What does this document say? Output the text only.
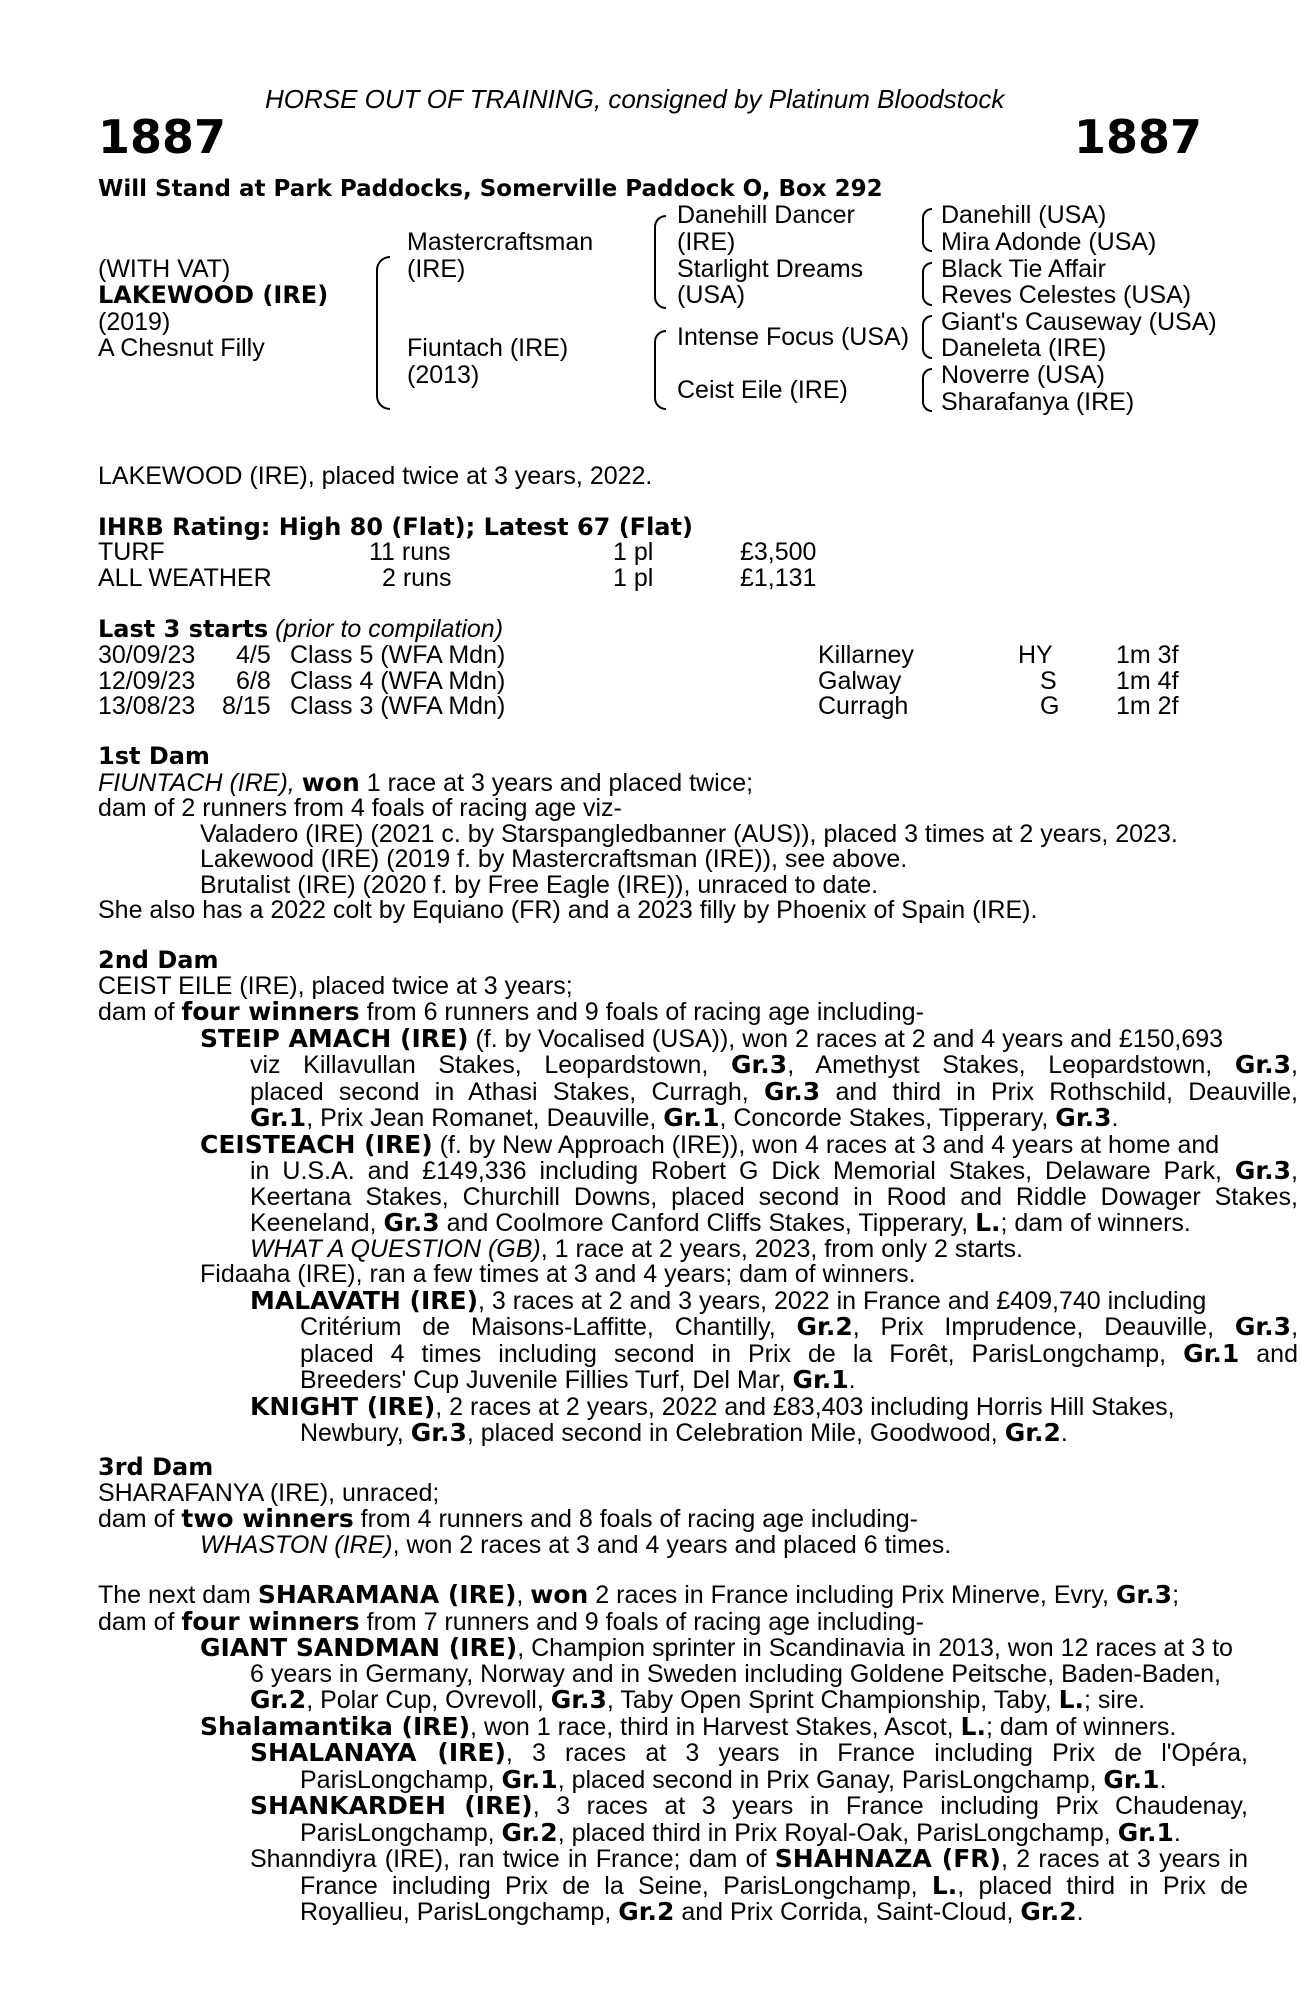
HORSE OUT OF TRAINING, consigned by Platinum Bloodstock
1887	1887
Will Stand at Park Paddocks, Somerville Paddock O, Box 292
(WITH VAT)
LAKEWOOD (IRE)
(2019)
A Chesnut Filly
Mastercraftsman
(IRE)
Fiuntach (IRE)
(2013)
Danehill Dancer
(IRE)
Starlight Dreams
(USA)
Intense Focus (USA)
Ceist Eile (IRE)
Danehill (USA)
Mira Adonde (USA)
Black Tie Affair
Reves Celestes (USA)
Giant's Causeway (USA)
Daneleta (IRE)
Noverre (USA)
Sharafanya (IRE)
LAKEWOOD (IRE), placed twice at 3 years, 2022.
IHRB Rating: High 80 (Flat); Latest 67 (Flat)
TURF	11 runs	1 pl	£3,500
ALL WEATHER	2 runs	1 pl	£1,131
Last 3 starts (prior to compilation)
30/09/23 4/5 Class 5 (WFA Mdn)	Killarney	HY	1m 3f
12/09/23 6/8 Class 4 (WFA Mdn)	Galway	S 1m 4f
13/08/23 8/15 Class 3 (WFA Mdn)	Curragh	G 1m 2f
1st Dam
FIUNTACH (IRE), won 1 race at 3 years and placed twice;
dam of 2 runners from 4 foals of racing age viz-
Valadero (IRE) (2021 c. by Starspangledbanner (AUS)), placed 3 times at 2 years, 2023.
Lakewood (IRE) (2019 f. by Mastercraftsman (IRE)), see above.
Brutalist (IRE) (2020 f. by Free Eagle (IRE)), unraced to date.
She also has a 2022 colt by Equiano (FR) and a 2023 filly by Phoenix of Spain (IRE).
2nd Dam
CEIST EILE (IRE), placed twice at 3 years;
dam of four winners from 6 runners and 9 foals of racing age including-
STEIP AMACH (IRE) (f. by Vocalised (USA)), won 2 races at 2 and 4 years and £150,693
viz Killavullan Stakes, Leopardstown, Gr.3, Amethyst Stakes, Leopardstown, Gr.3,
placed second in Athasi Stakes, Curragh, Gr.3 and third in Prix Rothschild, Deauville,
Gr.1, Prix Jean Romanet, Deauville, Gr.1, Concorde Stakes, Tipperary, Gr.3.
CEISTEACH (IRE) (f. by New Approach (IRE)), won 4 races at 3 and 4 years at home and
in U.S.A. and £149,336 including Robert G Dick Memorial Stakes, Delaware Park, Gr.3,
Keertana Stakes, Churchill Downs, placed second in Rood and Riddle Dowager Stakes,
Keeneland, Gr.3 and Coolmore Canford Cliffs Stakes, Tipperary, L.; dam of winners.
WHAT A QUESTION (GB), 1 race at 2 years, 2023, from only 2 starts.
Fidaaha (IRE), ran a few times at 3 and 4 years; dam of winners.
MALAVATH (IRE), 3 races at 2 and 3 years, 2022 in France and £409,740 including
Critérium de Maisons-Laffitte, Chantilly, Gr.2, Prix Imprudence, Deauville, Gr.3,
placed 4 times including second in Prix de la Forêt, ParisLongchamp, Gr.1 and
Breeders' Cup Juvenile Fillies Turf, Del Mar, Gr.1.
KNIGHT (IRE), 2 races at 2 years, 2022 and £83,403 including Horris Hill Stakes,
Newbury, Gr.3, placed second in Celebration Mile, Goodwood, Gr.2.
3rd Dam
SHARAFANYA (IRE), unraced;
dam of two winners from 4 runners and 8 foals of racing age including-
WHASTON (IRE), won 2 races at 3 and 4 years and placed 6 times.
The next dam SHARAMANA (IRE), won 2 races in France including Prix Minerve, Evry, Gr.3;
dam of four winners from 7 runners and 9 foals of racing age including-
GIANT SANDMAN (IRE), Champion sprinter in Scandinavia in 2013, won 12 races at 3 to
6 years in Germany, Norway and in Sweden including Goldene Peitsche, Baden-Baden,
Gr.2, Polar Cup, Ovrevoll, Gr.3, Taby Open Sprint Championship, Taby, L.; sire.
Shalamantika (IRE), won 1 race, third in Harvest Stakes, Ascot, L.; dam of winners.
SHALANAYA (IRE), 3 races at 3 years in France including Prix de l'Opéra,
ParisLongchamp, Gr.1, placed second in Prix Ganay, ParisLongchamp, Gr.1.
SHANKARDEH (IRE), 3 races at 3 years in France including Prix Chaudenay,
ParisLongchamp, Gr.2, placed third in Prix Royal-Oak, ParisLongchamp, Gr.1.
Shanndiyra (IRE), ran twice in France; dam of SHAHNAZA (FR), 2 races at 3 years in
France including Prix de la Seine, ParisLongchamp, L., placed third in Prix de
Royallieu, ParisLongchamp, Gr.2 and Prix Corrida, Saint-Cloud, Gr.2.
